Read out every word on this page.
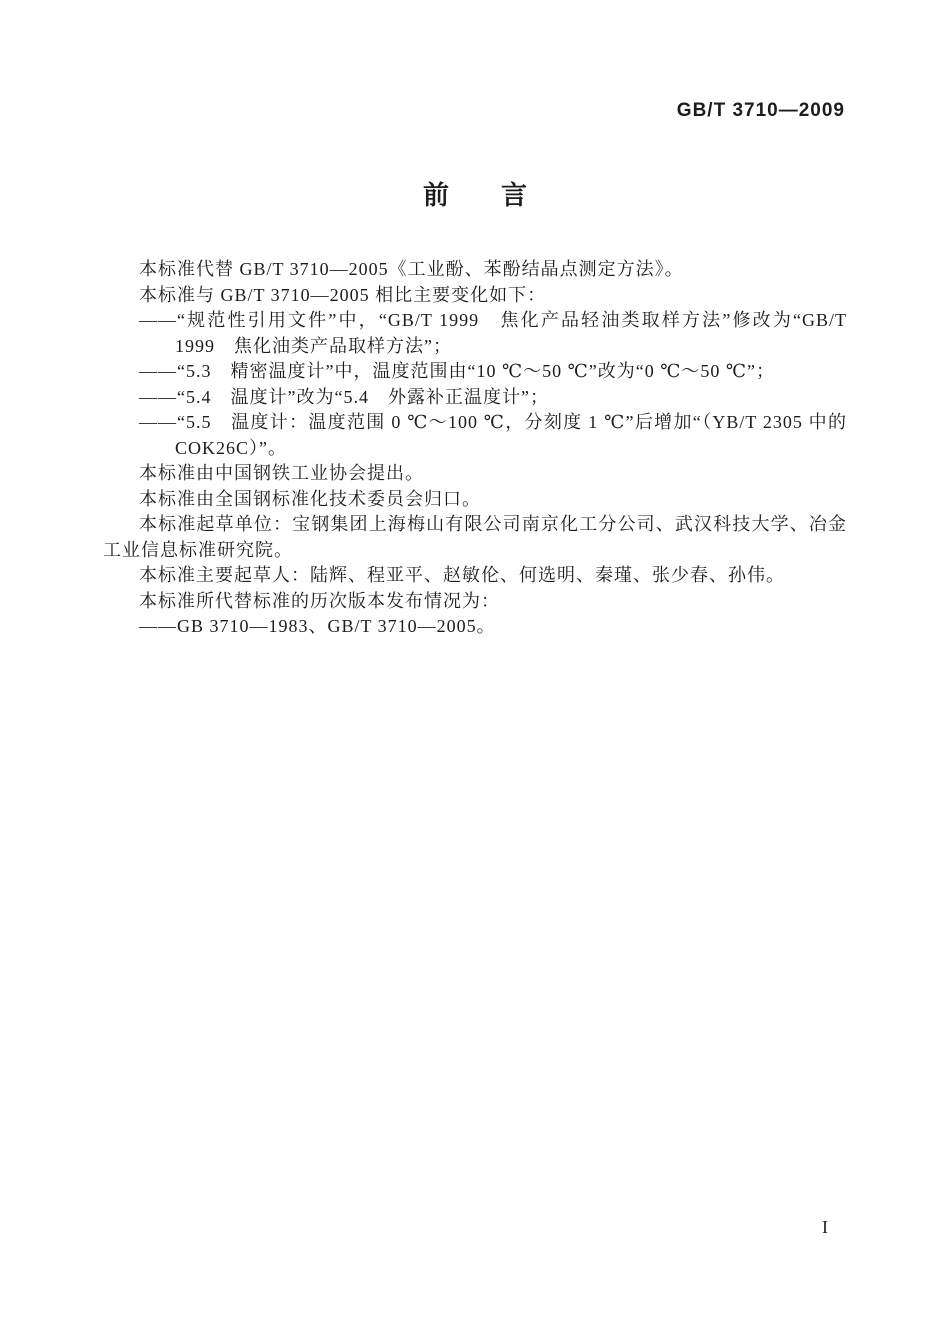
GB/T 3710—2009
前　　言

本标准代替 GB/T 3710—2005《工业酚、苯酚结晶点测定方法》。

本标准与 GB/T 3710—2005 相比主要变化如下：

——“规范性引用文件”中，“GB/T 1999　焦化产品轻油类取样方法”修改为“GB/T 1999　焦化油类产品取样方法”；

——“5.3　精密温度计”中，温度范围由“10 ℃～50 ℃”改为“0 ℃～50 ℃”；

——“5.4　温度计”改为“5.4　外露补正温度计”；

——“5.5　温度计：温度范围 0 ℃～100 ℃，分刻度 1 ℃”后增加“（YB/T 2305 中的 COK26C）”。

本标准由中国钢铁工业协会提出。

本标准由全国钢标准化技术委员会归口。

本标准起草单位：宝钢集团上海梅山有限公司南京化工分公司、武汉科技大学、冶金工业信息标准研究院。

本标准主要起草人：陆辉、程亚平、赵敏伦、何选明、秦瑾、张少春、孙伟。

本标准所代替标准的历次版本发布情况为：

——GB 3710—1983、GB/T 3710—2005。

I
